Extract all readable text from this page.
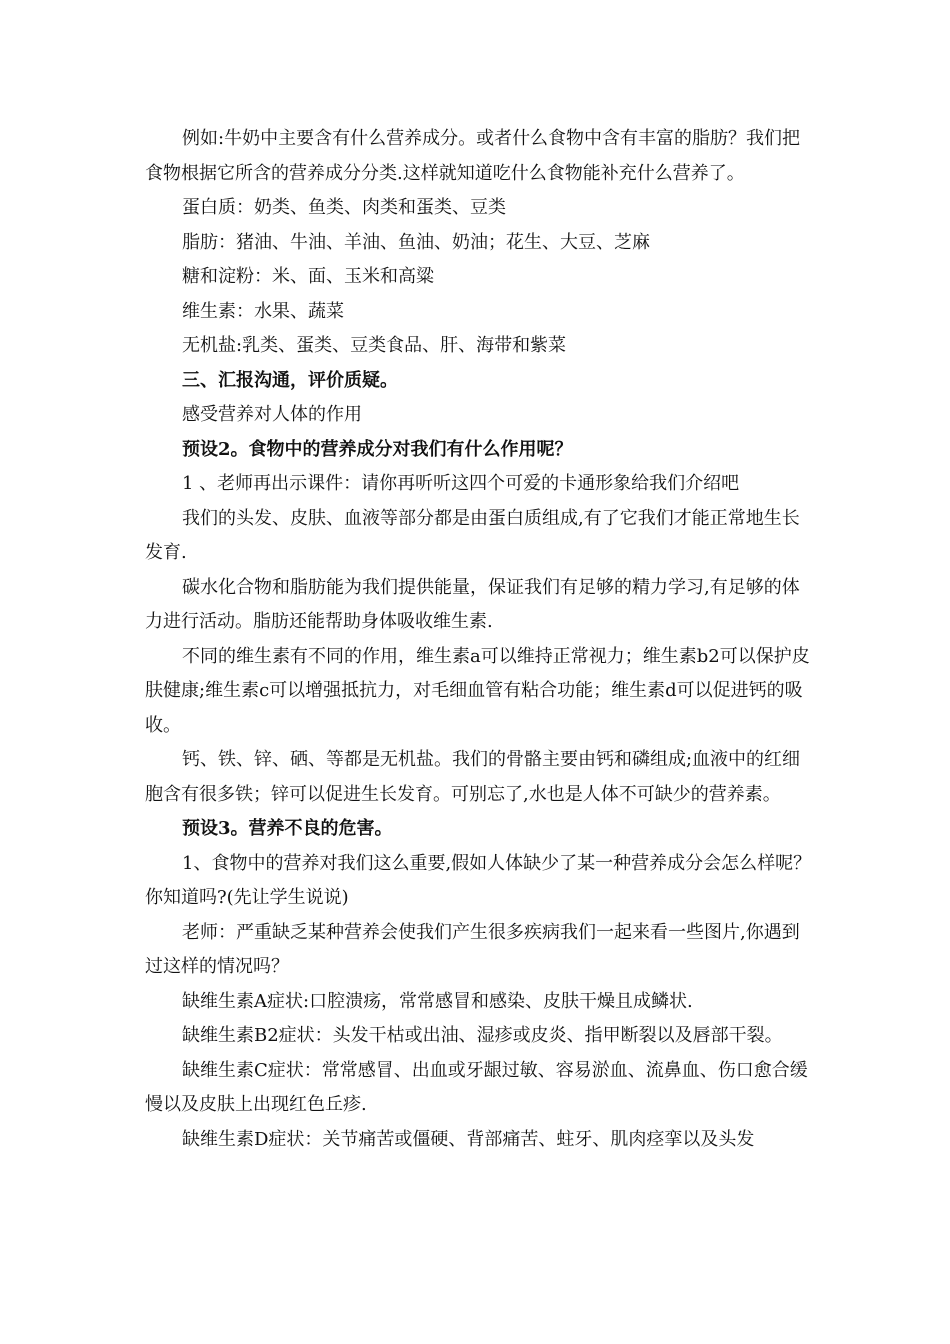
例如:牛奶中主要含有什么营养成分。或者什么食物中含有丰富的脂肪？我们把食物根据它所含的营养成分分类.这样就知道吃什么食物能补充什么营养了。

蛋白质：奶类、鱼类、肉类和蛋类、豆类

脂肪：猪油、牛油、羊油、鱼油、奶油；花生、大豆、芝麻

糖和淀粉：米、面、玉米和高粱

维生素：水果、蔬菜

无机盐:乳类、蛋类、豆类食品、肝、海带和紫菜

三、汇报沟通，评价质疑。

感受营养对人体的作用

预设2。食物中的营养成分对我们有什么作用呢？

1 、老师再出示课件：请你再听听这四个可爱的卡通形象给我们介绍吧

我们的头发、皮肤、血液等部分都是由蛋白质组成,有了它我们才能正常地生长发育.

碳水化合物和脂肪能为我们提供能量，保证我们有足够的精力学习,有足够的体力进行活动。脂肪还能帮助身体吸收维生素.

不同的维生素有不同的作用，维生素a可以维持正常视力；维生素b2可以保护皮肤健康;维生素c可以增强抵抗力，对毛细血管有粘合功能；维生素d可以促进钙的吸收。

钙、铁、锌、硒、等都是无机盐。我们的骨骼主要由钙和磷组成;血液中的红细胞含有很多铁；锌可以促进生长发育。可别忘了,水也是人体不可缺少的营养素。

预设3。营养不良的危害。

1、食物中的营养对我们这么重要,假如人体缺少了某一种营养成分会怎么样呢？你知道吗?(先让学生说说)

老师：严重缺乏某种营养会使我们产生很多疾病我们一起来看一些图片,你遇到过这样的情况吗？

缺维生素A症状:口腔溃疡，常常感冒和感染、皮肤干燥且成鳞状.

缺维生素B2症状：头发干枯或出油、湿疹或皮炎、指甲断裂以及唇部干裂。

缺维生素C症状：常常感冒、出血或牙龈过敏、容易淤血、流鼻血、伤口愈合缓慢以及皮肤上出现红色丘疹.

缺维生素D症状：关节痛苦或僵硬、背部痛苦、蛀牙、肌肉痉挛以及头发
